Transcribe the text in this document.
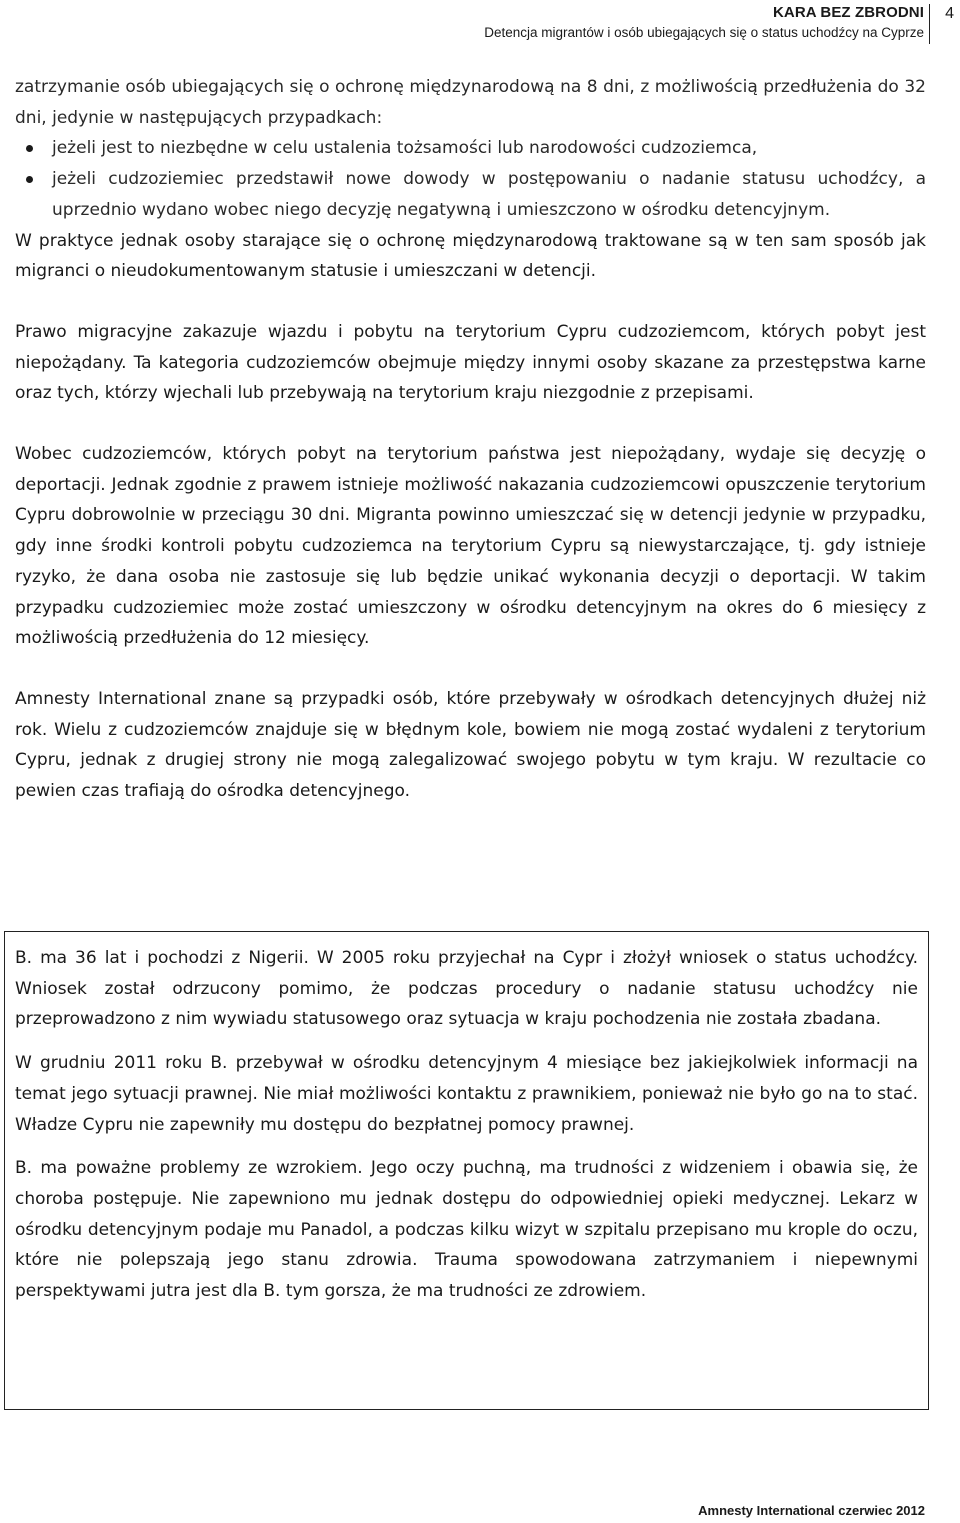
KARA BEZ ZBRODNI
Detencja migrantów i osób ubiegających się o status uchodźcy na Cyprze
4

zatrzymanie osób ubiegających się o ochronę międzynarodową na 8 dni, z możliwością przedłużenia do 32 dni, jedynie w następujących przypadkach:

jeżeli jest to niezbędne w celu ustalenia tożsamości lub narodowości cudzoziemca,
jeżeli cudzoziemiec przedstawił nowe dowody w postępowaniu o nadanie statusu uchodźcy, a uprzednio wydano wobec niego decyzję negatywną i umieszczono w ośrodku detencyjnym.

W praktyce jednak osoby starające się o ochronę międzynarodową traktowane są w ten sam sposób jak migranci o nieudokumentowanym statusie i umieszczani w detencji.

Prawo migracyjne zakazuje wjazdu i pobytu na terytorium Cypru cudzoziemcom, których pobyt jest niepożądany. Ta kategoria cudzoziemców obejmuje między innymi osoby skazane za przestępstwa karne oraz tych, którzy wjechali lub przebywają na terytorium kraju niezgodnie z przepisami.

Wobec cudzoziemców, których pobyt na terytorium państwa jest niepożądany, wydaje się decyzję o deportacji. Jednak zgodnie z prawem istnieje możliwość nakazania cudzoziemcowi opuszczenie terytorium Cypru dobrowolnie w przeciągu 30 dni. Migranta powinno umieszczać się w detencji jedynie w przypadku, gdy inne środki kontroli pobytu cudzoziemca na terytorium Cypru są niewystarczające, tj. gdy istnieje ryzyko, że dana osoba nie zastosuje się lub będzie unikać wykonania decyzji o deportacji. W takim przypadku cudzoziemiec może zostać umieszczony w ośrodku detencyjnym na okres do 6 miesięcy z możliwością przedłużenia do 12 miesięcy.

Amnesty International znane są przypadki osób, które przebywały w ośrodkach detencyjnych dłużej niż rok. Wielu z cudzoziemców znajduje się w błędnym kole, bowiem nie mogą zostać wydaleni z terytorium Cypru, jednak z drugiej strony nie mogą zalegalizować swojego pobytu w tym kraju. W rezultacie co pewien czas trafiają do ośrodka detencyjnego.

B. ma 36 lat i pochodzi z Nigerii. W 2005 roku przyjechał na Cypr i złożył wniosek o status uchodźcy. Wniosek został odrzucony pomimo, że podczas procedury o nadanie statusu uchodźcy nie przeprowadzono z nim wywiadu statusowego oraz sytuacja w kraju pochodzenia nie została zbadana.

W grudniu 2011 roku B. przebywał w ośrodku detencyjnym 4 miesiące bez jakiejkolwiek informacji na temat jego sytuacji prawnej. Nie miał możliwości kontaktu z prawnikiem, ponieważ nie było go na to stać. Władze Cypru nie zapewniły mu dostępu do bezpłatnej pomocy prawnej.

B. ma poważne problemy ze wzrokiem. Jego oczy puchną, ma trudności z widzeniem i obawia się, że choroba postępuje. Nie zapewniono mu jednak dostępu do odpowiedniej opieki medycznej. Lekarz w ośrodku detencyjnym podaje mu Panadol, a podczas kilku wizyt w szpitalu przepisano mu krople do oczu, które nie polepszają jego stanu zdrowia. Trauma spowodowana zatrzymaniem i niepewnymi perspektywami jutra jest dla B. tym gorsza, że ma trudności ze zdrowiem.

Amnesty International czerwiec 2012
